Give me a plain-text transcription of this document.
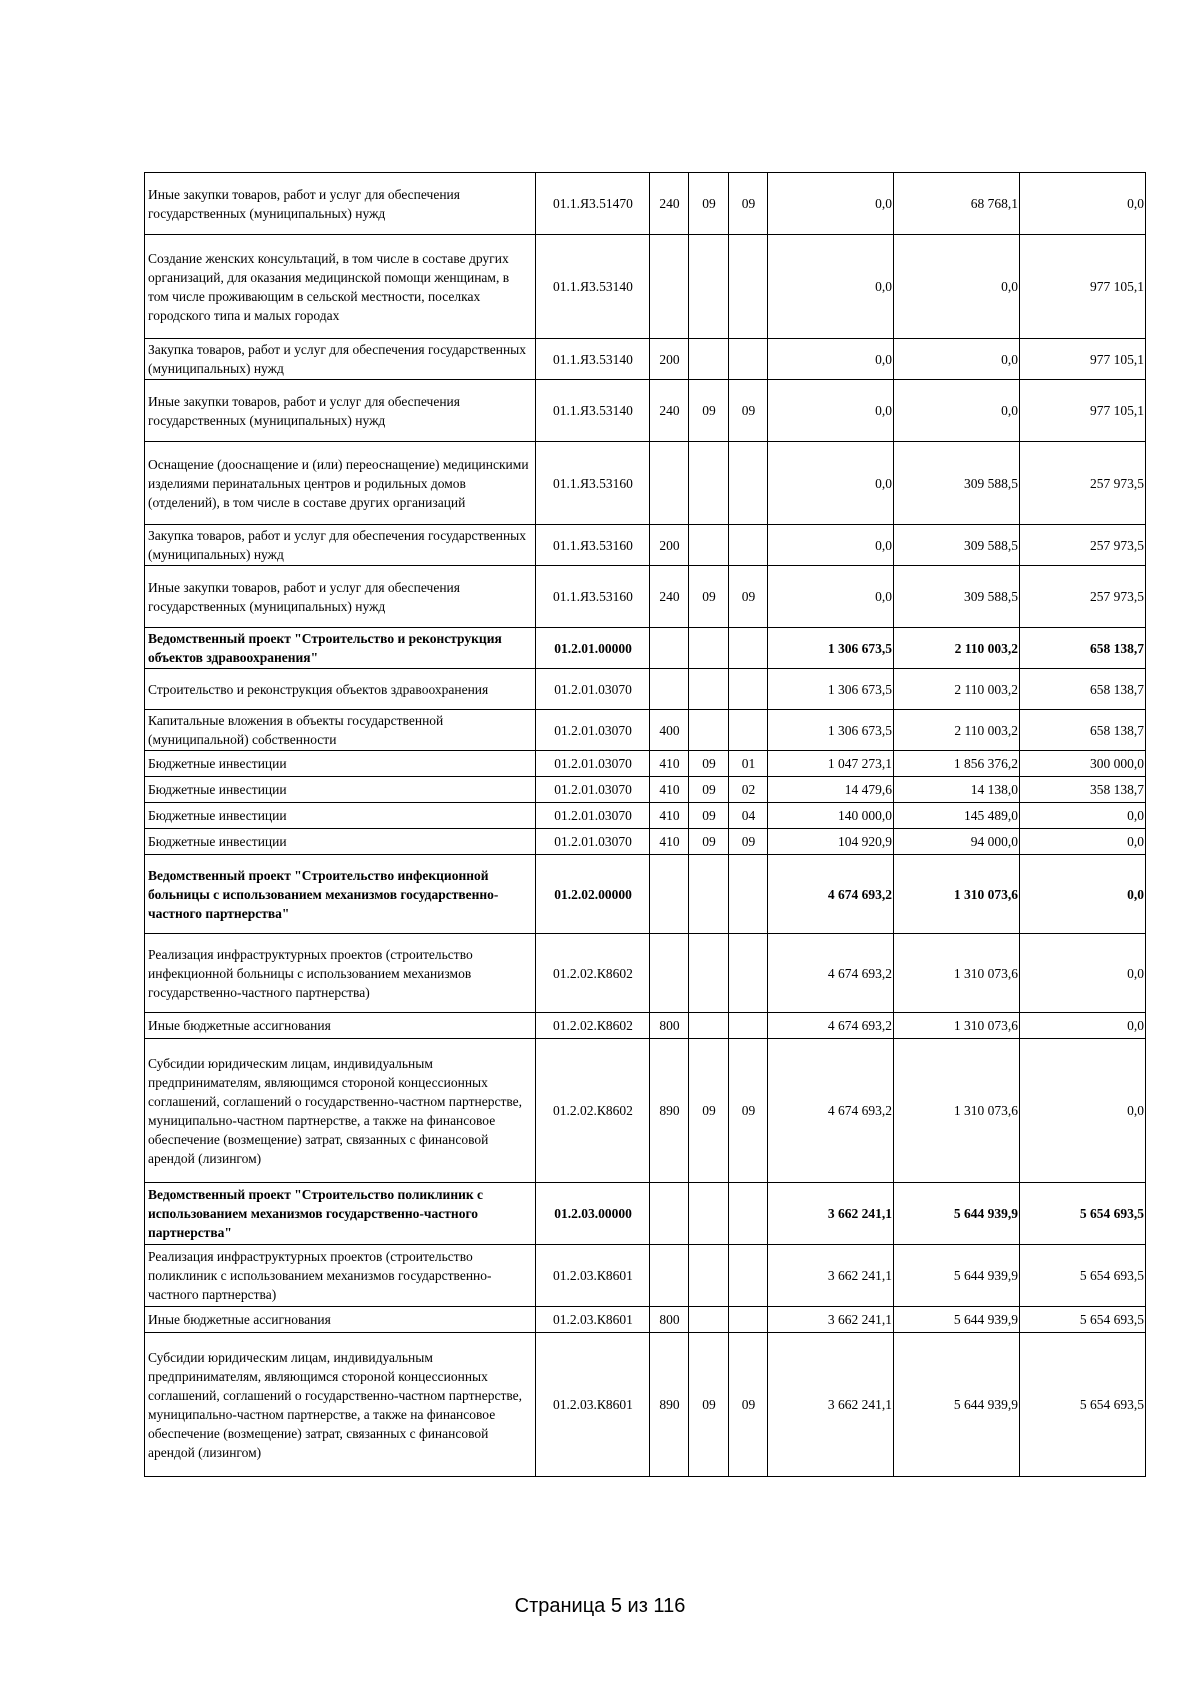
Иные закупки товаров, работ и услуг для обеспечения государственных (муниципальных) нужд	01.1.Я3.51470	240	09	09	0,0	68 768,1	0,0
Создание женских консультаций, в том числе в составе других организаций, для оказания медицинской помощи женщинам, в том числе проживающим в сельской местности, поселках городского типа и малых городах	01.1.Я3.53140				0,0	0,0	977 105,1
Закупка товаров, работ и услуг для обеспечения государственных (муниципальных) нужд	01.1.Я3.53140	200			0,0	0,0	977 105,1
Иные закупки товаров, работ и услуг для обеспечения государственных (муниципальных) нужд	01.1.Я3.53140	240	09	09	0,0	0,0	977 105,1
Оснащение (дооснащение и (или) переоснащение) медицинскими изделиями перинатальных центров и родильных домов (отделений), в том числе в составе других организаций	01.1.Я3.53160				0,0	309 588,5	257 973,5
Закупка товаров, работ и услуг для обеспечения государственных (муниципальных) нужд	01.1.Я3.53160	200			0,0	309 588,5	257 973,5
Иные закупки товаров, работ и услуг для обеспечения государственных (муниципальных) нужд	01.1.Я3.53160	240	09	09	0,0	309 588,5	257 973,5
Ведомственный проект "Строительство и реконструкция объектов здравоохранения"	01.2.01.00000				1 306 673,5	2 110 003,2	658 138,7
Строительство и реконструкция объектов здравоохранения	01.2.01.03070				1 306 673,5	2 110 003,2	658 138,7
Капитальные вложения в объекты государственной (муниципальной) собственности	01.2.01.03070	400			1 306 673,5	2 110 003,2	658 138,7
Бюджетные инвестиции	01.2.01.03070	410	09	01	1 047 273,1	1 856 376,2	300 000,0
Бюджетные инвестиции	01.2.01.03070	410	09	02	14 479,6	14 138,0	358 138,7
Бюджетные инвестиции	01.2.01.03070	410	09	04	140 000,0	145 489,0	0,0
Бюджетные инвестиции	01.2.01.03070	410	09	09	104 920,9	94 000,0	0,0
Ведомственный проект "Строительство инфекционной больницы с использованием механизмов государственно-частного партнерства"	01.2.02.00000				4 674 693,2	1 310 073,6	0,0
Реализация инфраструктурных проектов (строительство инфекционной больницы с использованием механизмов государственно-частного партнерства)	01.2.02.К8602				4 674 693,2	1 310 073,6	0,0
Иные бюджетные ассигнования	01.2.02.К8602	800			4 674 693,2	1 310 073,6	0,0
Субсидии юридическим лицам, индивидуальным предпринимателям, являющимся стороной концессионных соглашений, соглашений о государственно-частном партнерстве, муниципально-частном партнерстве, а также на финансовое обеспечение (возмещение) затрат, связанных с финансовой арендой (лизингом)	01.2.02.К8602	890	09	09	4 674 693,2	1 310 073,6	0,0
Ведомственный проект "Строительство поликлиник с использованием механизмов государственно-частного партнерства"	01.2.03.00000				3 662 241,1	5 644 939,9	5 654 693,5
Реализация инфраструктурных проектов (строительство поликлиник с использованием механизмов государственно-частного партнерства)	01.2.03.К8601				3 662 241,1	5 644 939,9	5 654 693,5
Иные бюджетные ассигнования	01.2.03.К8601	800			3 662 241,1	5 644 939,9	5 654 693,5
Субсидии юридическим лицам, индивидуальным предпринимателям, являющимся стороной концессионных соглашений, соглашений о государственно-частном партнерстве, муниципально-частном партнерстве, а также на финансовое обеспечение (возмещение) затрат, связанных с финансовой арендой (лизингом)	01.2.03.К8601	890	09	09	3 662 241,1	5 644 939,9	5 654 693,5
Страница 5 из 116
